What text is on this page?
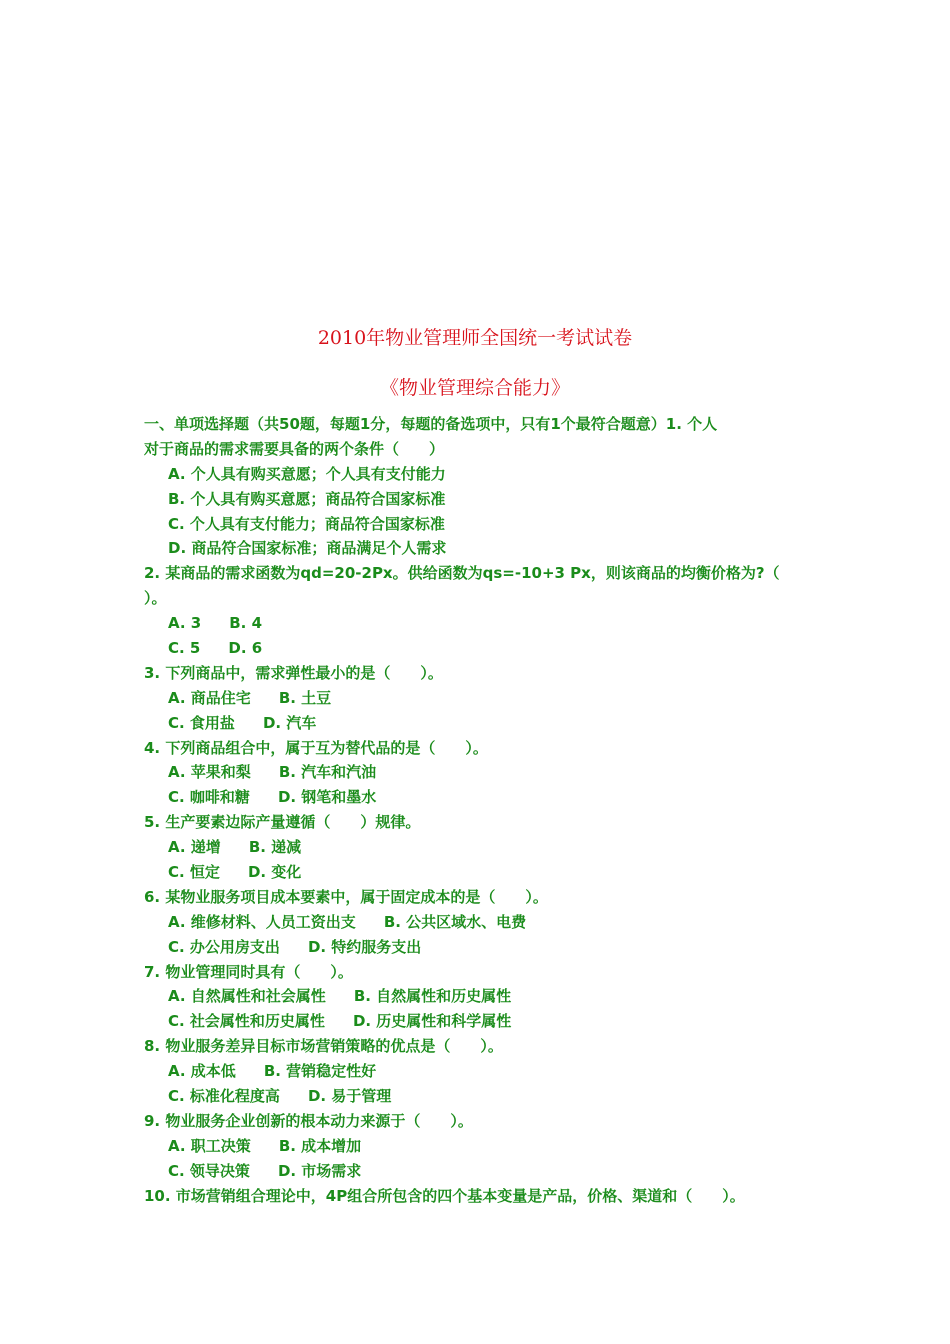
2010年物业管理师全国统一考试试卷
《物业管理综合能力》
一、单项选择题（共50题，每题1分，每题的备选项中，只有1个最符合题意）1. 个人
对于商品的需求需要具备的两个条件（　　）
A. 个人具有购买意愿；个人具有支付能力
B. 个人具有购买意愿；商品符合国家标准
C. 个人具有支付能力；商品符合国家标准
D. 商品符合国家标准；商品满足个人需求
2. 某商品的需求函数为qd=20-2Px。供给函数为qs=-10+3 Px，则该商品的均衡价格为?（
）。
A. 3 B. 4
C. 5 D. 6
3. 下列商品中，需求弹性最小的是（　　）。
A. 商品住宅 B. 土豆
C. 食用盐 D. 汽车
4. 下列商品组合中，属于互为替代品的是（　　）。
A. 苹果和梨 B. 汽车和汽油
C. 咖啡和糖 D. 钢笔和墨水
5. 生产要素边际产量遵循（　　）规律。
A. 递增 B. 递减
C. 恒定 D. 变化
6. 某物业服务项目成本要素中，属于固定成本的是（　　）。
A. 维修材料、人员工资出支 B. 公共区域水、电费
C. 办公用房支出 D. 特约服务支出
7. 物业管理同时具有（　　）。
A. 自然属性和社会属性 B. 自然属性和历史属性
C. 社会属性和历史属性 D. 历史属性和科学属性
8. 物业服务差异目标市场营销策略的优点是（　　）。
A. 成本低 B. 营销稳定性好
C. 标准化程度高 D. 易于管理
9. 物业服务企业创新的根本动力来源于（　　）。
A. 职工决策 B. 成本增加
C. 领导决策 D. 市场需求
10. 市场营销组合理论中，4P组合所包含的四个基本变量是产品，价格、渠道和（　　）。
